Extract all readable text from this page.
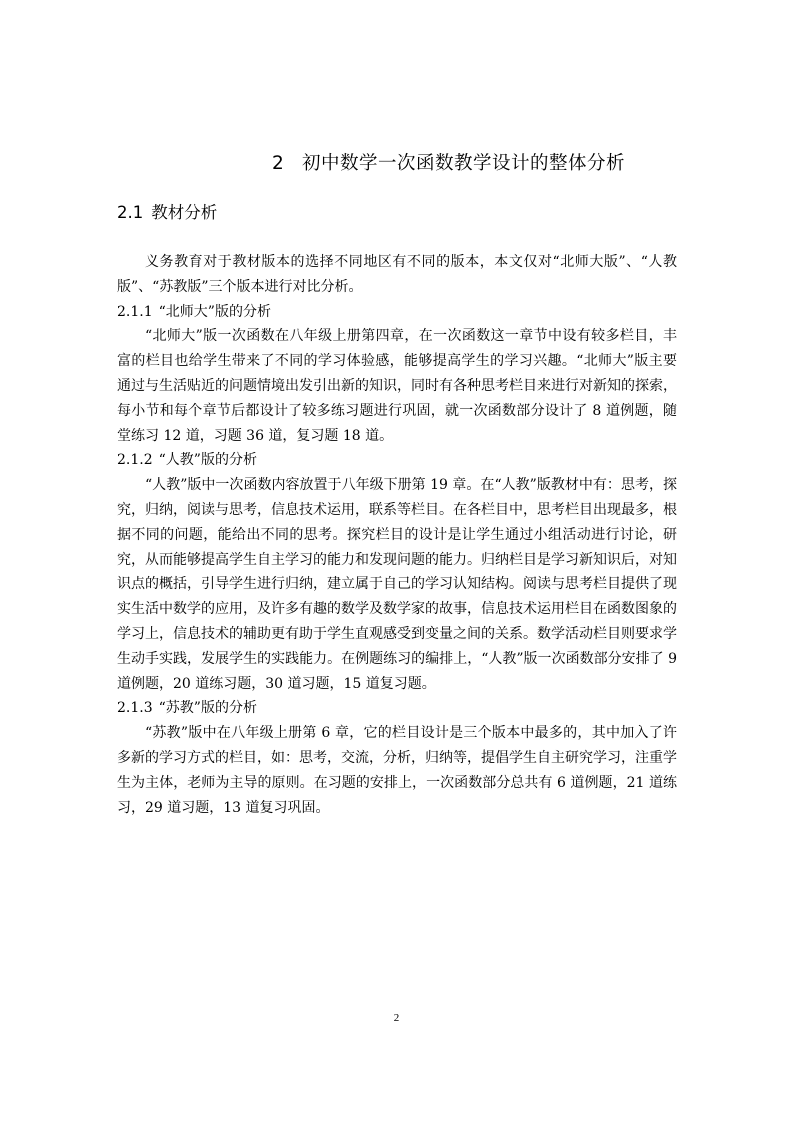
2 初中数学一次函数教学设计的整体分析
2.1 教材分析

义务教育对于教材版本的选择不同地区有不同的版本，本文仅对“北师大版”、“人教版”、“苏教版”三个版本进行对比分析。

2.1.1 “北师大”版的分析

“北师大”版一次函数在八年级上册第四章，在一次函数这一章节中设有较多栏目，丰富的栏目也给学生带来了不同的学习体验感，能够提高学生的学习兴趣。“北师大”版主要通过与生活贴近的问题情境出发引出新的知识，同时有各种思考栏目来进行对新知的探索，每小节和每个章节后都设计了较多练习题进行巩固，就一次函数部分设计了 8 道例题，随堂练习 12 道，习题 36 道，复习题 18 道。

2.1.2 “人教”版的分析

“人教”版中一次函数内容放置于八年级下册第 19 章。在“人教”版教材中有：思考，探究，归纳，阅读与思考，信息技术运用，联系等栏目。在各栏目中，思考栏目出现最多，根据不同的问题，能给出不同的思考。探究栏目的设计是让学生通过小组活动进行讨论，研究，从而能够提高学生自主学习的能力和发现问题的能力。归纳栏目是学习新知识后，对知识点的概括，引导学生进行归纳，建立属于自己的学习认知结构。阅读与思考栏目提供了现实生活中数学的应用，及许多有趣的数学及数学家的故事，信息技术运用栏目在函数图象的学习上，信息技术的辅助更有助于学生直观感受到变量之间的关系。数学活动栏目则要求学生动手实践，发展学生的实践能力。在例题练习的编排上，“人教”版一次函数部分安排了 9 道例题，20 道练习题，30 道习题，15 道复习题。

2.1.3 “苏教”版的分析

“苏教”版中在八年级上册第 6 章，它的栏目设计是三个版本中最多的，其中加入了许多新的学习方式的栏目，如：思考，交流，分析，归纳等，提倡学生自主研究学习，注重学生为主体，老师为主导的原则。在习题的安排上，一次函数部分总共有 6 道例题，21 道练习，29 道习题，13 道复习巩固。

2
